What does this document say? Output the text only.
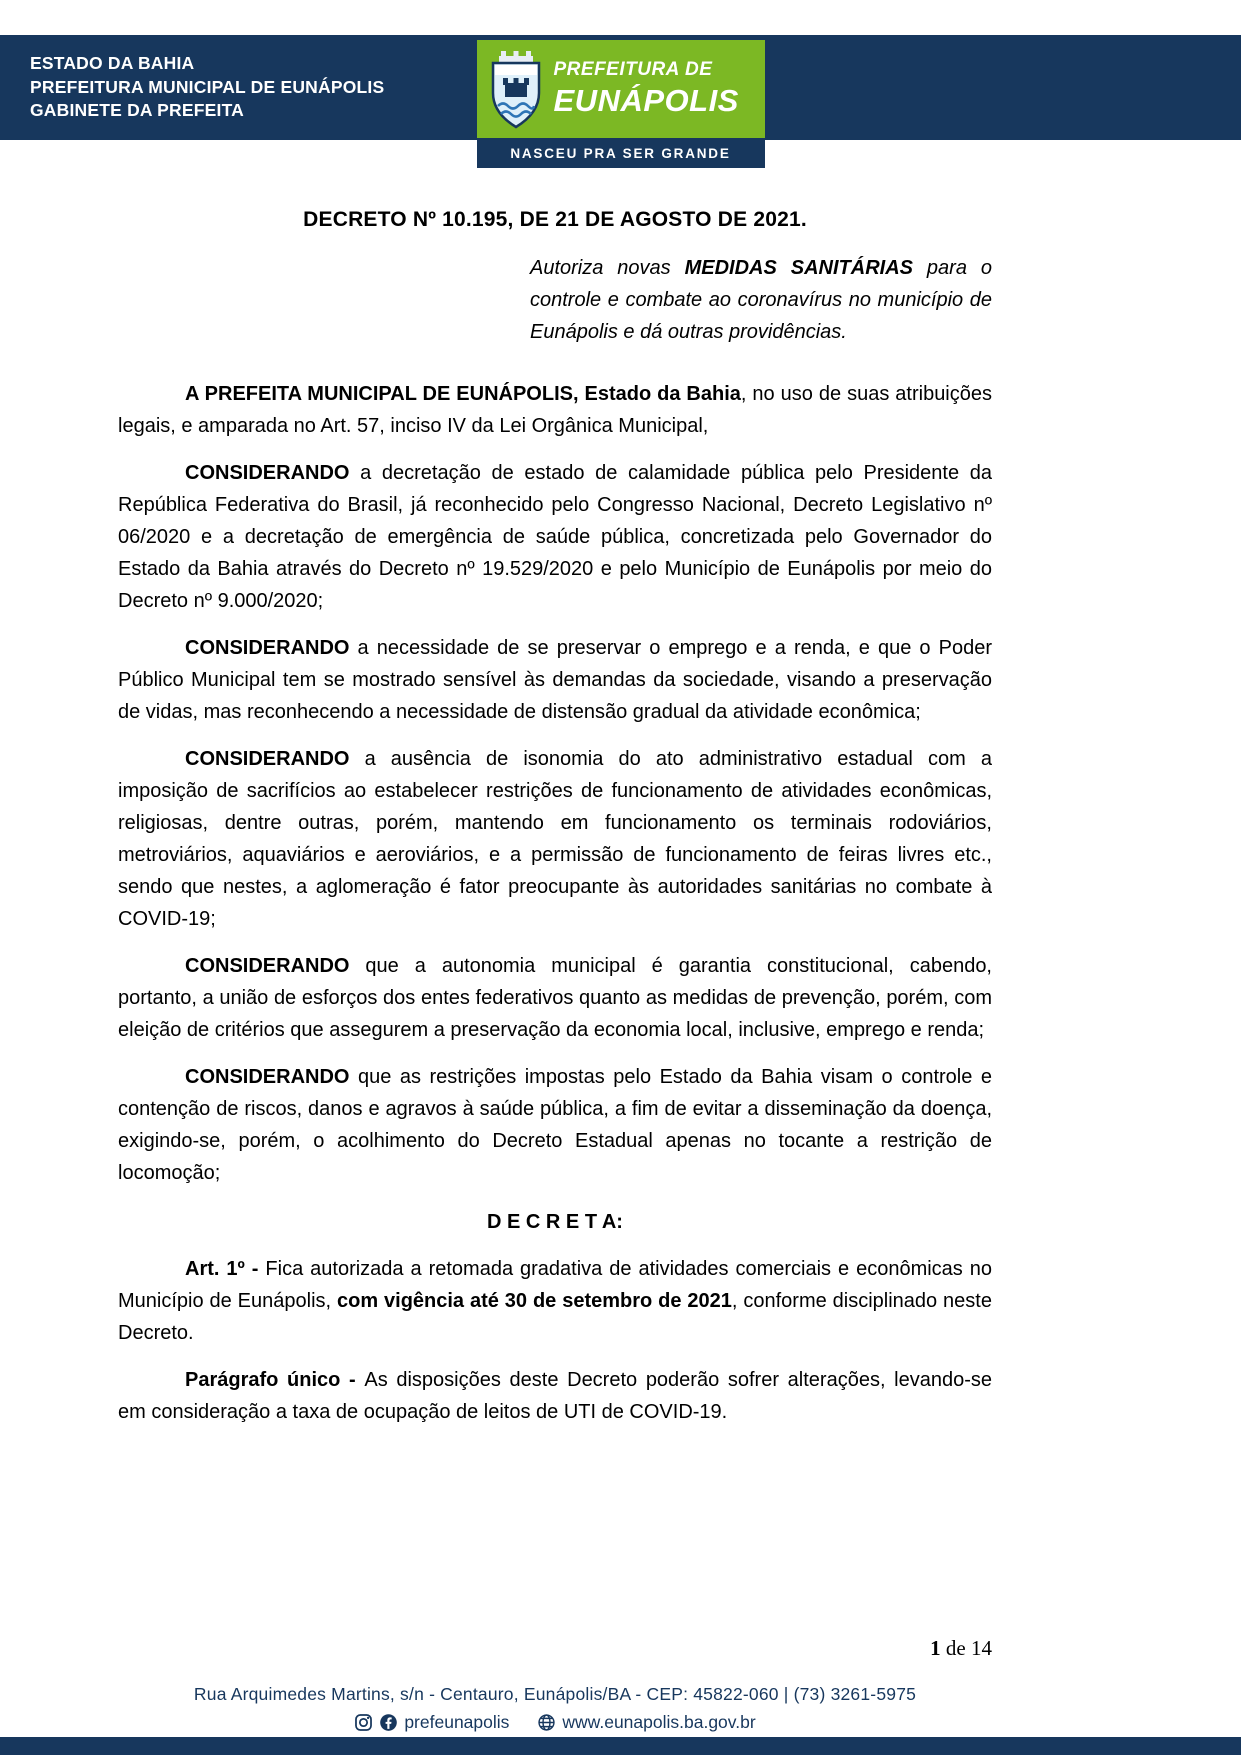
ESTADO DA BAHIA
PREFEITURA MUNICIPAL DE EUNÁPOLIS
GABINETE DA PREFEITA
PREFEITURA DE
EUNÁPOLIS
NASCEU PRA SER GRANDE
DECRETO Nº 10.195, DE 21 DE AGOSTO DE 2021.
Autoriza novas MEDIDAS SANITÁRIAS para o controle e combate ao coronavírus no município de Eunápolis e dá outras providências.

A PREFEITA MUNICIPAL DE EUNÁPOLIS, Estado da Bahia, no uso de suas atribuições legais, e amparada no Art. 57, inciso IV da Lei Orgânica Municipal,

CONSIDERANDO a decretação de estado de calamidade pública pelo Presidente da República Federativa do Brasil, já reconhecido pelo Congresso Nacional, Decreto Legislativo nº 06/2020 e a decretação de emergência de saúde pública, concretizada pelo Governador do Estado da Bahia através do Decreto nº 19.529/2020 e pelo Município de Eunápolis por meio do Decreto nº 9.000/2020;

CONSIDERANDO a necessidade de se preservar o emprego e a renda, e que o Poder Público Municipal tem se mostrado sensível às demandas da sociedade, visando a preservação de vidas, mas reconhecendo a necessidade de distensão gradual da atividade econômica;

CONSIDERANDO a ausência de isonomia do ato administrativo estadual com a imposição de sacrifícios ao estabelecer restrições de funcionamento de atividades econômicas, religiosas, dentre outras, porém, mantendo em funcionamento os terminais rodoviários, metroviários, aquaviários e aeroviários, e a permissão de funcionamento de feiras livres etc., sendo que nestes, a aglomeração é fator preocupante às autoridades sanitárias no combate à COVID-19;

CONSIDERANDO que a autonomia municipal é garantia constitucional, cabendo, portanto, a união de esforços dos entes federativos quanto as medidas de prevenção, porém, com eleição de critérios que assegurem a preservação da economia local, inclusive, emprego e renda;

CONSIDERANDO que as restrições impostas pelo Estado da Bahia visam o controle e contenção de riscos, danos e agravos à saúde pública, a fim de evitar a disseminação da doença, exigindo-se, porém, o acolhimento do Decreto Estadual apenas no tocante a restrição de locomoção;

D E C R E T A:

Art. 1º - Fica autorizada a retomada gradativa de atividades comerciais e econômicas no Município de Eunápolis, com vigência até 30 de setembro de 2021, conforme disciplinado neste Decreto.

Parágrafo único - As disposições deste Decreto poderão sofrer alterações, levando-se em consideração a taxa de ocupação de leitos de UTI de COVID-19.

1 de 14
Rua Arquimedes Martins, s/n - Centauro, Eunápolis/BA - CEP: 45822-060 | (73) 3261-5975
prefeunapolis	www.eunapolis.ba.gov.br
